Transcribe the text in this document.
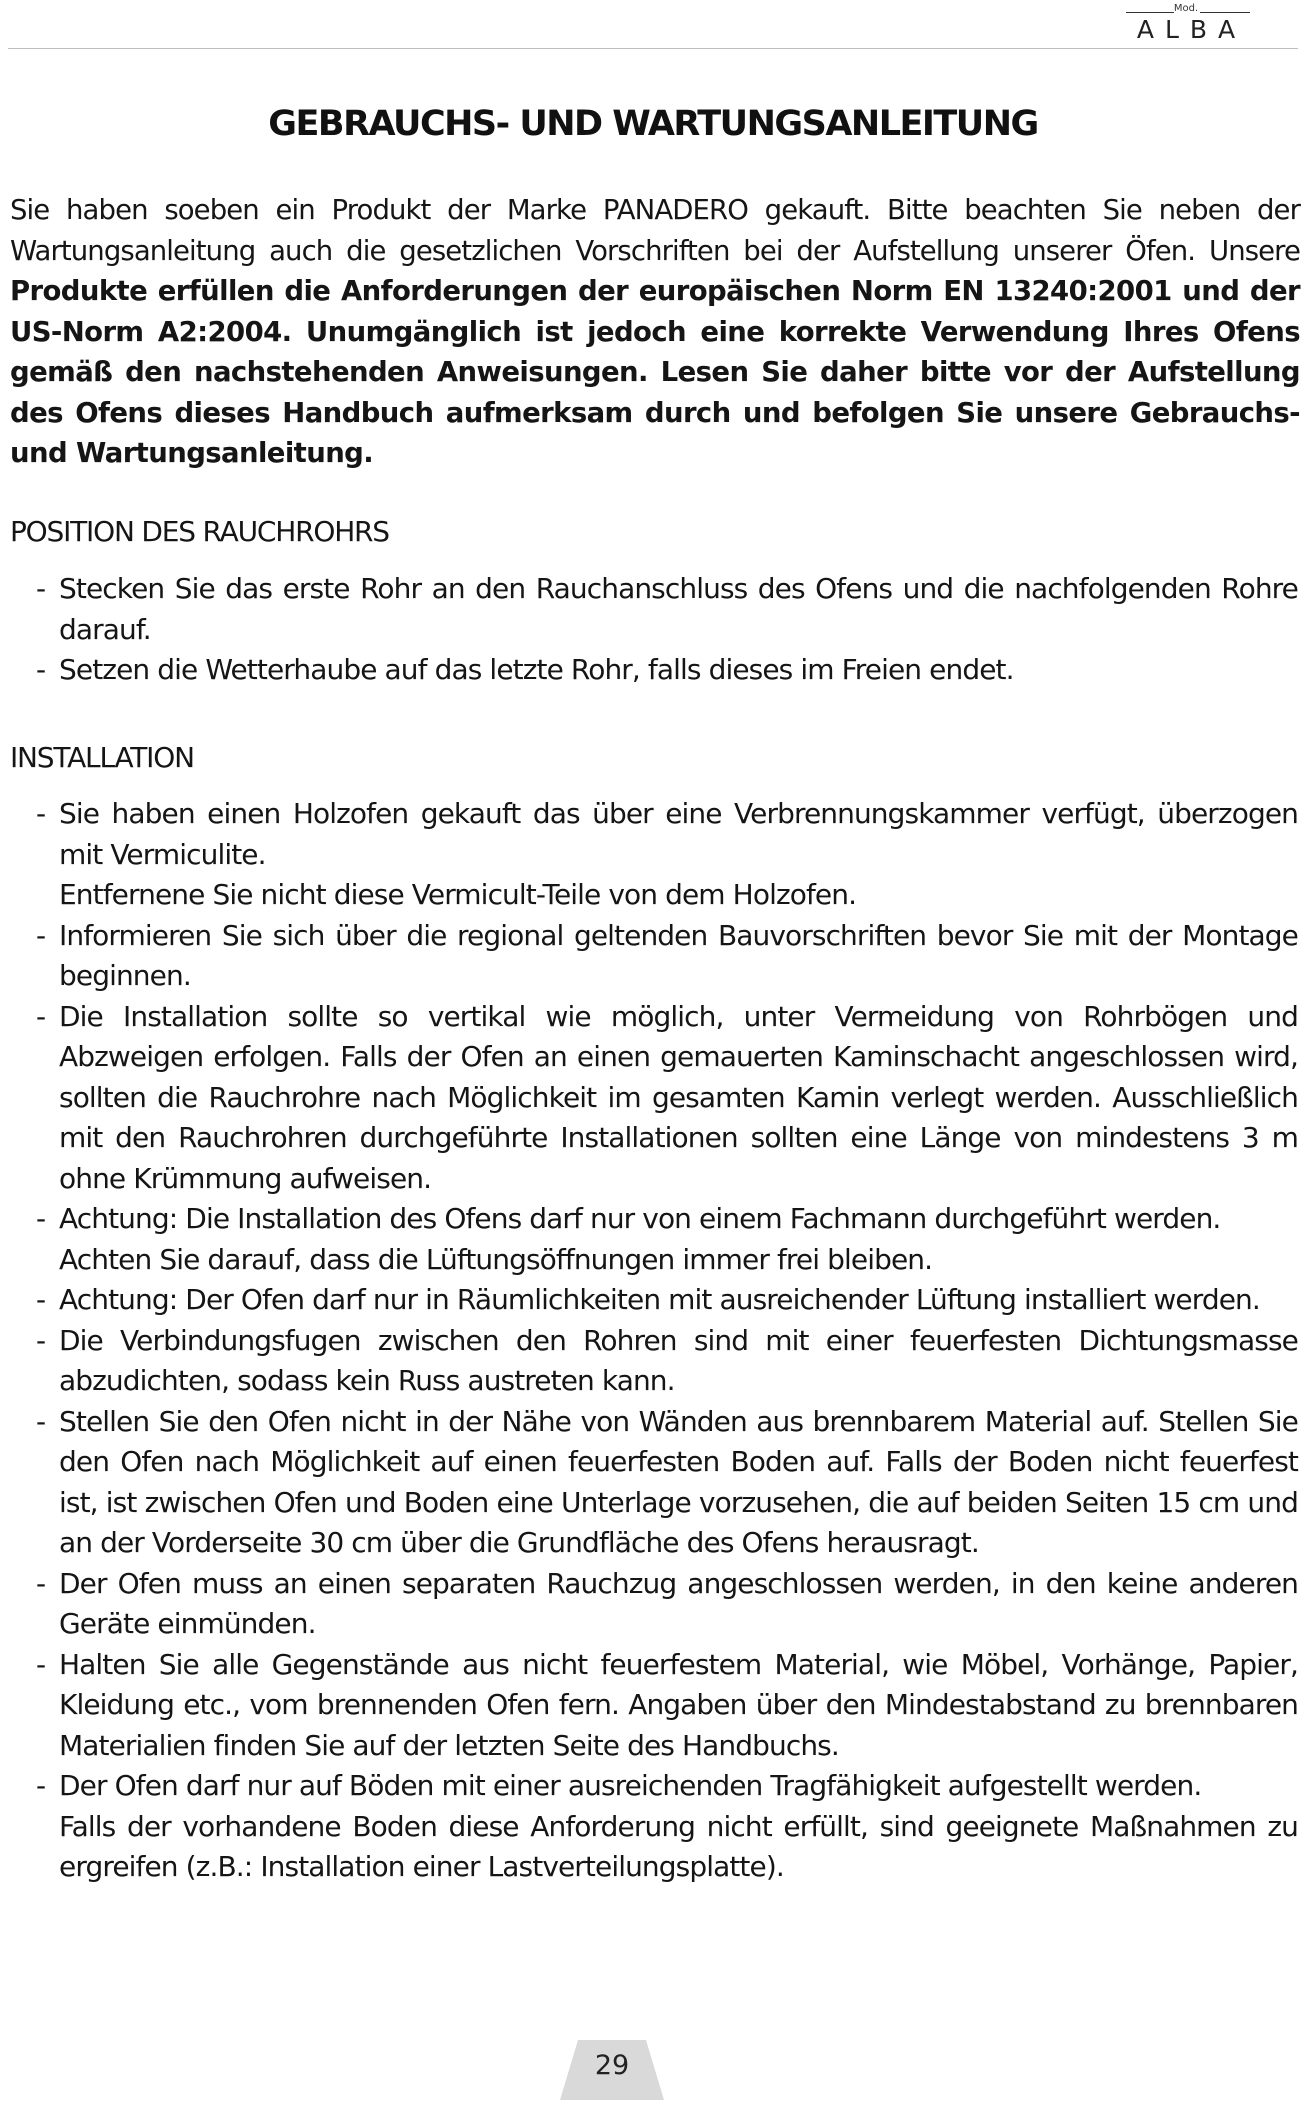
Mod.
ALBA
GEBRAUCHS- UND WARTUNGSANLEITUNG

Sie haben soeben ein Produkt der Marke PANADERO gekauft. Bitte beachten Sie neben der Wartungsanleitung auch die gesetzlichen Vorschriften bei der Aufstellung unserer Öfen. Unsere Produkte erfüllen die Anforderungen der europäischen Norm EN 13240:2001 und der US-Norm A2:2004. Unumgänglich ist jedoch eine korrekte Verwendung Ihres Ofens gemäß den nachstehenden Anweisungen. Lesen Sie daher bitte vor der Aufstellung des Ofens dieses Handbuch aufmerksam durch und befolgen Sie unsere Gebrauchs- und Wartungsanleitung.

POSITION DES RAUCHROHRS
- Stecken Sie das erste Rohr an den Rauchanschluss des Ofens und die nachfolgenden Rohre darauf.
- Setzen die Wetterhaube auf das letzte Rohr, falls dieses im Freien endet.
INSTALLATION
- Sie haben einen Holzofen gekauft das über eine Verbrennungskammer verfügt, überzogen mit Vermiculite.
Entfernene Sie nicht diese Vermicult-Teile von dem Holzofen.
- Informieren Sie sich über die regional geltenden Bauvorschriften bevor Sie mit der Montage beginnen.
- Die Installation sollte so vertikal wie möglich, unter Vermeidung von Rohrbögen und Abzweigen erfolgen. Falls der Ofen an einen gemauerten Kaminschacht angeschlossen wird, sollten die Rauchrohre nach Möglichkeit im gesamten Kamin verlegt werden. Ausschließlich mit den Rauchrohren durchgeführte Installationen sollten eine Länge von mindestens 3 m ohne Krümmung aufweisen.
- Achtung: Die Installation des Ofens darf nur von einem Fachmann durchgeführt werden.
Achten Sie darauf, dass die Lüftungsöffnungen immer frei bleiben.
- Achtung: Der Ofen darf nur in Räumlichkeiten mit ausreichender Lüftung installiert werden.
- Die Verbindungsfugen zwischen den Rohren sind mit einer feuerfesten Dichtungsmasse abzudichten, sodass kein Russ austreten kann.
- Stellen Sie den Ofen nicht in der Nähe von Wänden aus brennbarem Material auf. Stellen Sie den Ofen nach Möglichkeit auf einen feuerfesten Boden auf. Falls der Boden nicht feuerfest ist, ist zwischen Ofen und Boden eine Unterlage vorzusehen, die auf beiden Seiten 15 cm und an der Vorderseite 30 cm über die Grundfläche des Ofens herausragt.
- Der Ofen muss an einen separaten Rauchzug angeschlossen werden, in den keine anderen Geräte einmünden.
- Halten Sie alle Gegenstände aus nicht feuerfestem Material, wie Möbel, Vorhänge, Papier, Kleidung etc., vom brennenden Ofen fern. Angaben über den Mindestabstand zu brennbaren Materialien finden Sie auf der letzten Seite des Handbuchs.
- Der Ofen darf nur auf Böden mit einer ausreichenden Tragfähigkeit aufgestellt werden.
Falls der vorhandene Boden diese Anforderung nicht erfüllt, sind geeignete Maßnahmen zu ergreifen (z.B.: Installation einer Lastverteilungsplatte).
29
